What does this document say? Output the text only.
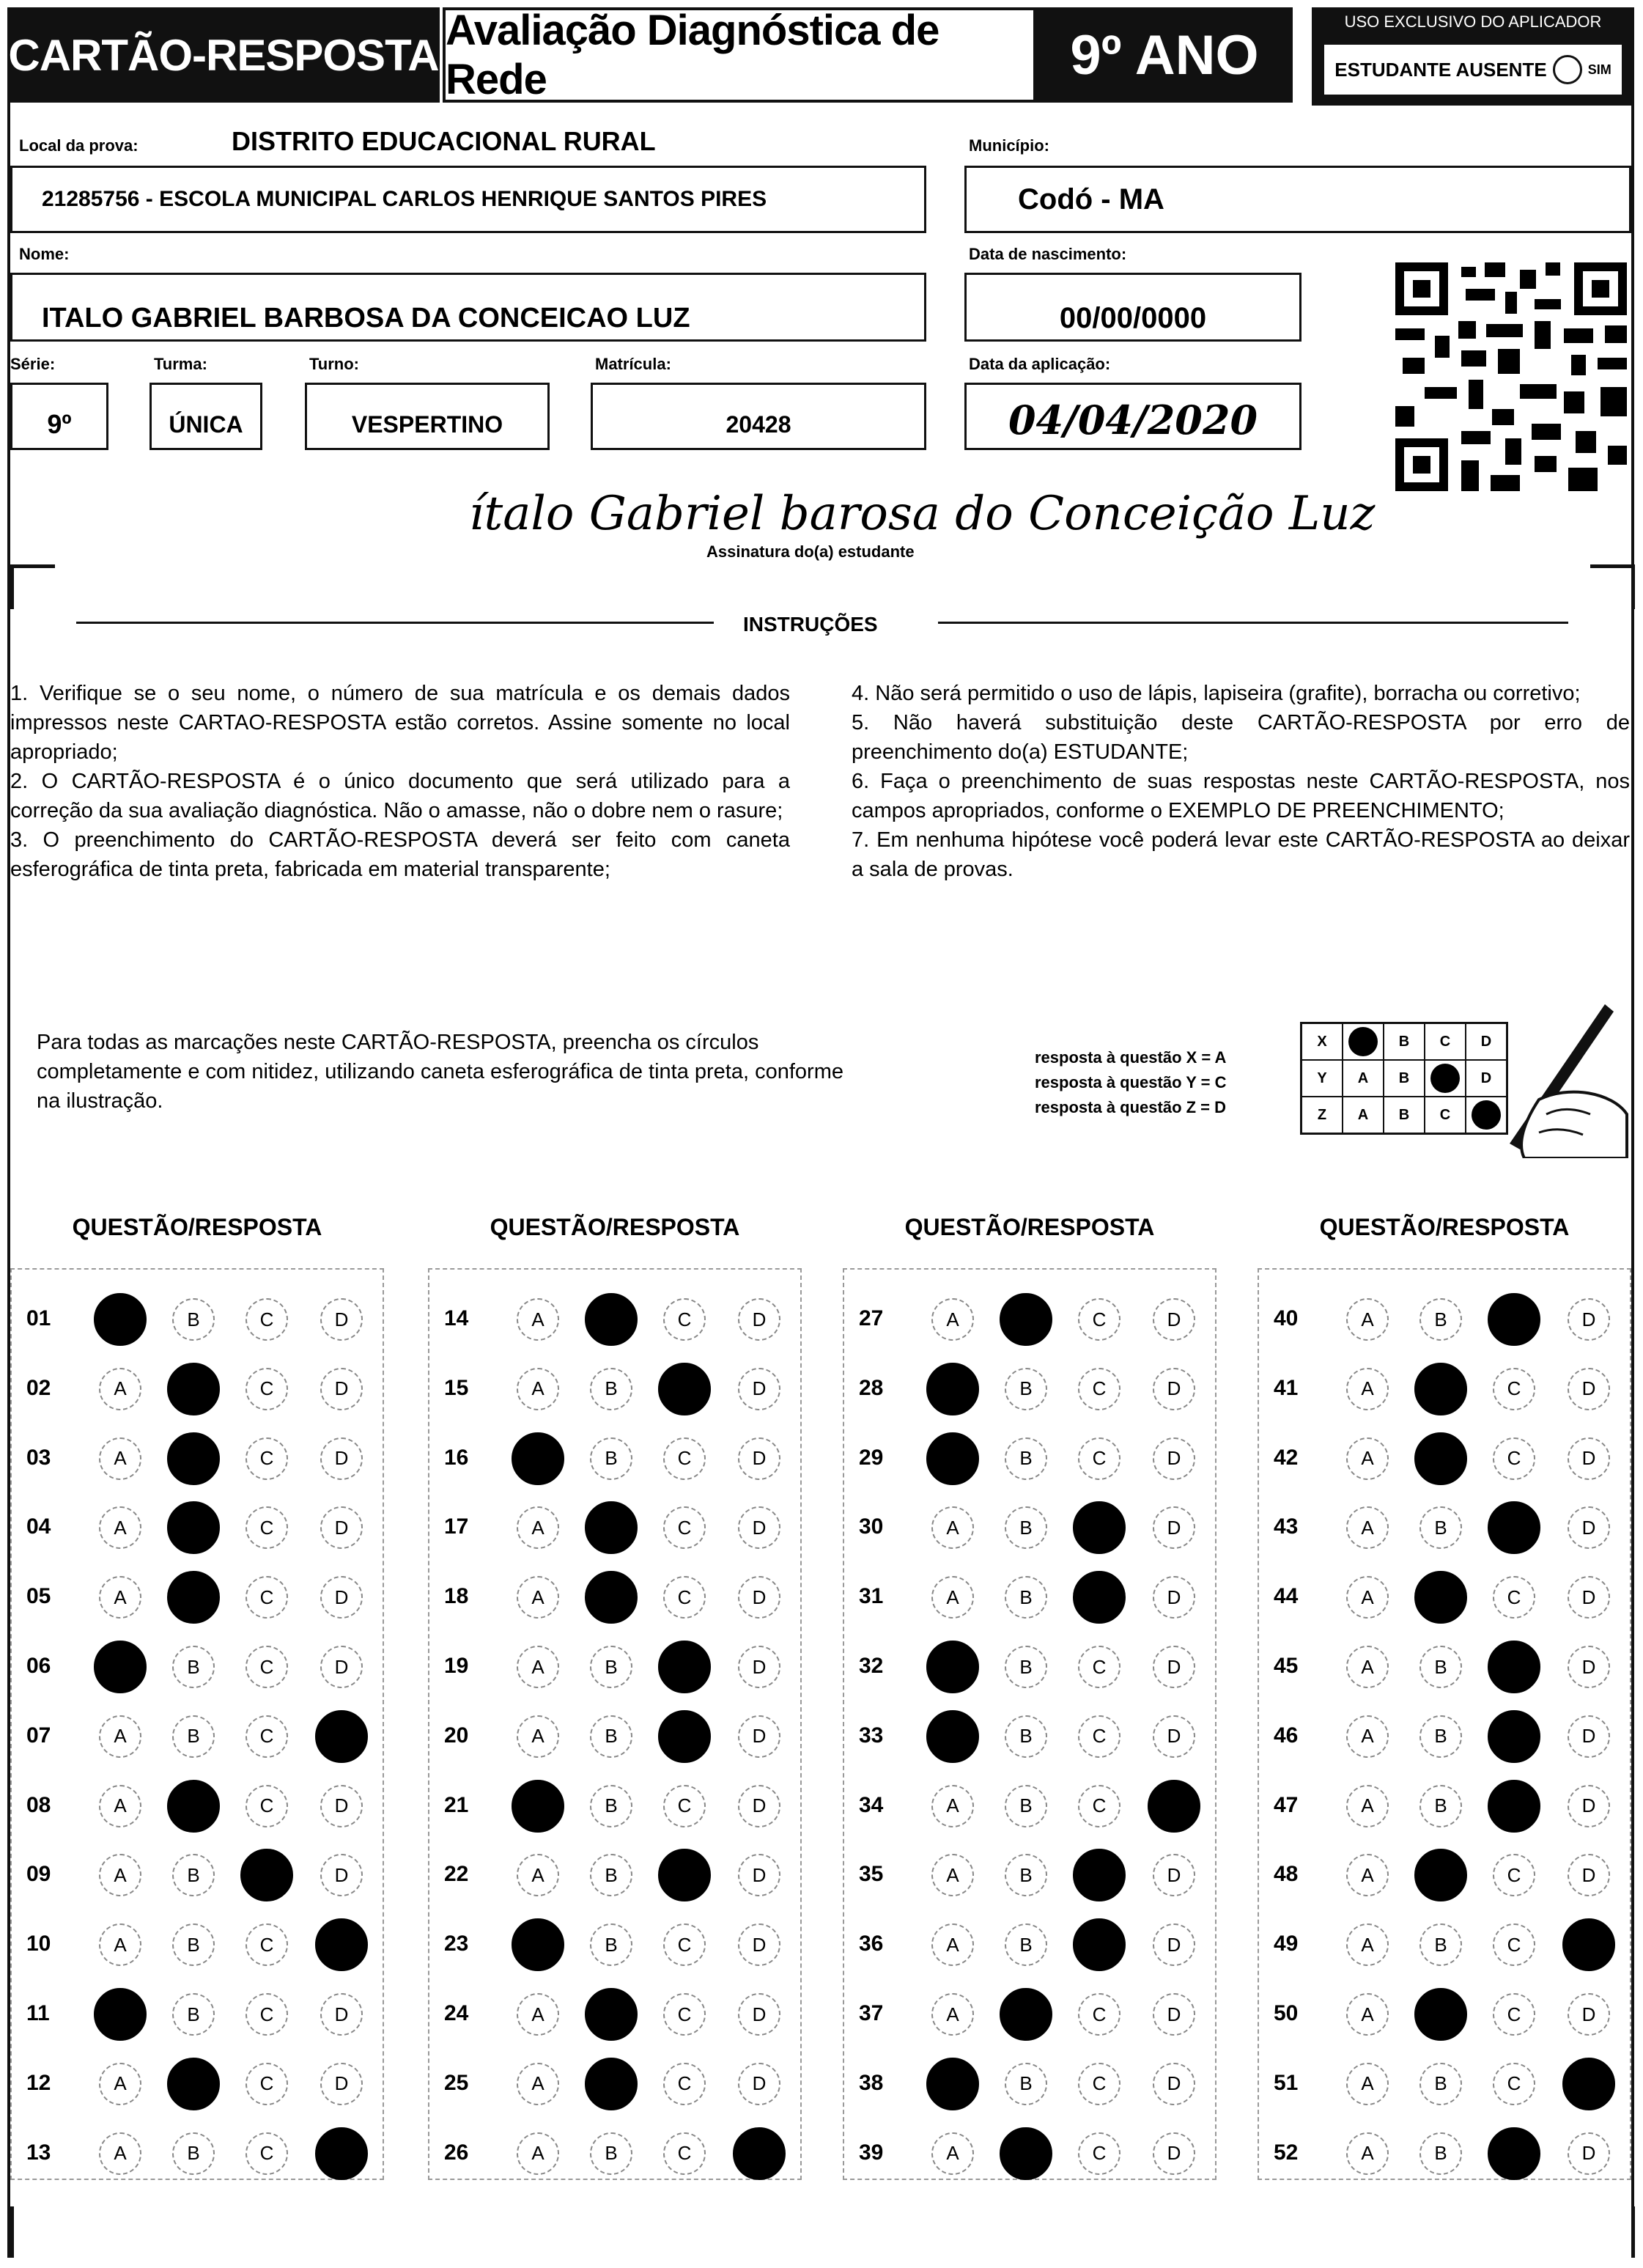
CARTÃO-RESPOSTA Avaliação Diagnóstica de Rede	9º ANO
USO EXCLUSIVO DO APLICADOR
ESTUDANTE AUSENTE	SIM
Local da prova:	DISTRITO EDUCACIONAL RURAL
21285756 - ESCOLA MUNICIPAL CARLOS HENRIQUE SANTOS PIRES
Município:
Codó - MA
Nome:
ITALO GABRIEL BARBOSA DA CONCEICAO LUZ
Data de nascimento:
00/00/0000
Série:
9º
Turma:
ÚNICA
Turno:
VESPERTINO
Matrícula:
20428
Data da aplicação:
04/04/2020
ítalo Gabriel barosa do Conceição Luz
Assinatura do(a) estudante
INSTRUÇÕES
1. Verifique se o seu nome, o número de sua matrícula e os demais dados impressos neste CARTAO-RESPOSTA estão corretos. Assine somente no local apropriado;
2. O CARTÃO-RESPOSTA é o único documento que será utilizado para a correção da sua avaliação diagnóstica. Não o amasse, não o dobre nem o rasure;
3. O preenchimento do CARTÃO-RESPOSTA deverá ser feito com caneta esferográfica de tinta preta, fabricada em material transparente;
4. Não será permitido o uso de lápis, lapiseira (grafite), borracha ou corretivo;
5. Não haverá substituição deste CARTÃO-RESPOSTA por erro de preenchimento do(a) ESTUDANTE;
6. Faça o preenchimento de suas respostas neste CARTÃO-RESPOSTA, nos campos apropriados, conforme o EXEMPLO DE PREENCHIMENTO;
7. Em nenhuma hipótese você poderá levar este CARTÃO-RESPOSTA ao deixar a sala de provas.
Para todas as marcações neste CARTÃO-RESPOSTA, preencha os círculos completamente e com nitidez, utilizando caneta esferográfica de tinta preta, conforme na ilustração.
resposta à questão X = A
resposta à questão Y = C
resposta à questão Z = D
X		B	C	D
Y	A	B		D
Z	A	B	C	
QUESTÃO/RESPOSTA
01	B	C	D
02	A	C	D
03	A	C	D
04	A	C	D
05	A	C	D
06	B	C	D
07	A	B	C
08	A	C	D
09	A	B	D
10	A	B	C
11	B	C	D
12	A	C	D
13	A	B	C
QUESTÃO/RESPOSTA
14	A	C	D
15	A	B	D
16	B	C	D
17	A	C	D
18	A	C	D
19	A	B	D
20	A	B	D
21	B	C	D
22	A	B	D
23	B	C	D
24	A	C	D
25	A	C	D
26	A	B	C
QUESTÃO/RESPOSTA
27	A	C	D
28	B	C	D
29	B	C	D
30	A	B	D
31	A	B	D
32	B	C	D
33	B	C	D
34	A	B	C
35	A	B	D
36	A	B	D
37	A	C	D
38	B	C	D
39	A	C	D
QUESTÃO/RESPOSTA
40	A	B	D
41	A	C	D
42	A	C	D
43	A	B	D
44	A	C	D
45	A	B	D
46	A	B	D
47	A	B	D
48	A	C	D
49	A	B	C
50	A	C	D
51	A	B	C
52	A	B	D
